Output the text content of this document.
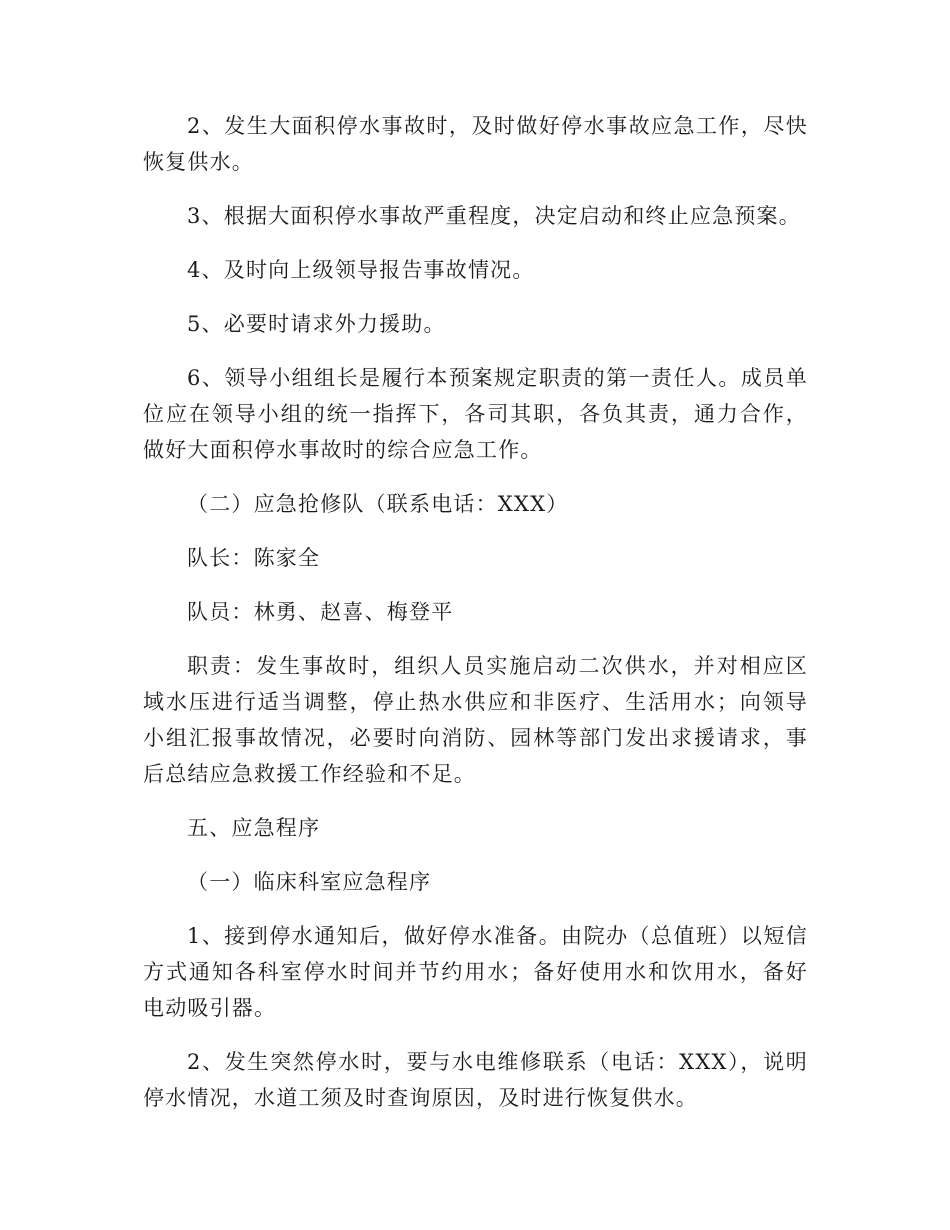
2、发生大面积停水事故时，及时做好停水事故应急工作，尽快恢复供水。

3、根据大面积停水事故严重程度，决定启动和终止应急预案。

4、及时向上级领导报告事故情况。

5、必要时请求外力援助。

6、领导小组组长是履行本预案规定职责的第一责任人。成员单位应在领导小组的统一指挥下，各司其职，各负其责，通力合作，做好大面积停水事故时的综合应急工作。

（二）应急抢修队（联系电话：XXX）

队长：陈家全

队员：林勇、赵喜、梅登平

职责：发生事故时，组织人员实施启动二次供水，并对相应区域水压进行适当调整，停止热水供应和非医疗、生活用水；向领导小组汇报事故情况，必要时向消防、园林等部门发出求援请求，事后总结应急救援工作经验和不足。

五、应急程序

（一）临床科室应急程序

1、接到停水通知后，做好停水准备。由院办（总值班）以短信方式通知各科室停水时间并节约用水；备好使用水和饮用水，备好电动吸引器。

2、发生突然停水时，要与水电维修联系（电话：XXX），说明停水情况，水道工须及时查询原因，及时进行恢复供水。
